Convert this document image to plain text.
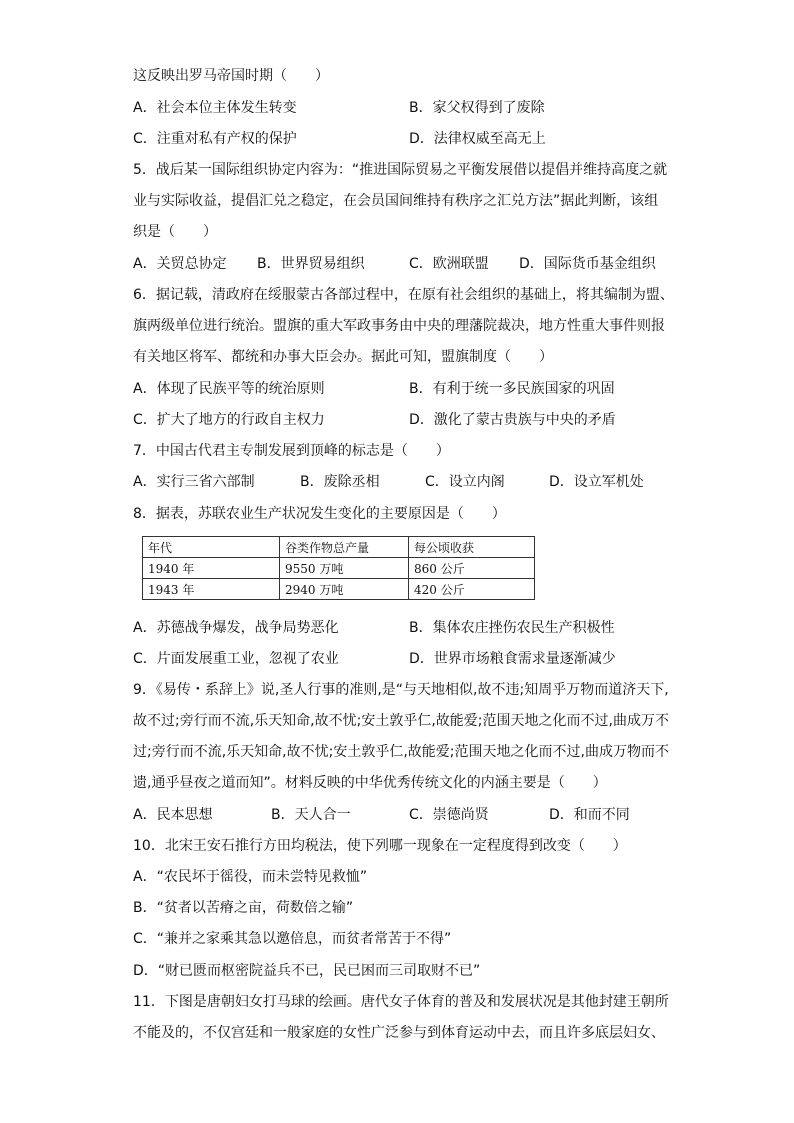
这反映出罗马帝国时期（　　）
A．社会本位主体发生转变	B．家父权得到了废除
C．注重对私有产权的保护	D．法律权威至高无上
5．战后某一国际组织协定内容为：“推进国际贸易之平衡发展借以提倡并维持高度之就
业与实际收益，提倡汇兑之稳定，在会员国间维持有秩序之汇兑方法”据此判断，该组
织是（　　）
A．关贸总协定 B．世界贸易组织	C．欧洲联盟 D．国际货币基金组织
6．据记载，清政府在绥服蒙古各部过程中，在原有社会组织的基础上，将其编制为盟、
旗两级单位进行统治。盟旗的重大军政事务由中央的理藩院裁决，地方性重大事件则报
有关地区将军、都统和办事大臣会办。据此可知，盟旗制度（　　）
A．体现了民族平等的统治原则	B．有利于统一多民族国家的巩固
C．扩大了地方的行政自主权力	D．激化了蒙古贵族与中央的矛盾
7．中国古代君主专制发展到顶峰的标志是（　　）
A．实行三省六部制	B．废除丞相	C．设立内阁	D．设立军机处
8．据表，苏联农业生产状况发生变化的主要原因是（　　）
年代	谷类作物总产量	每公顷收获
1940 年	9550 万吨	860 公斤
1943 年	2940 万吨	420 公斤
A．苏德战争爆发，战争局势恶化	B．集体农庄挫伤农民生产积极性
C．片面发展重工业，忽视了农业	D．世界市场粮食需求量逐渐减少
9．《易传・系辞上》说,圣人行事的准则,是“与天地相似,故不违;知周乎万物而道济天下,
故不过;旁行而不流,乐天知命,故不忧;安土敦乎仁,故能爱;范围天地之化而不过,曲成万不
过;旁行而不流,乐天知命,故不忧;安土敦乎仁,故能爱;范围天地之化而不过,曲成万物而不
遗,通乎昼夜之道而知”。材料反映的中华优秀传统文化的内涵主要是（　　）
A．民本思想	B．天人合一	C．崇德尚贤	D．和而不同
10．北宋王安石推行方田均税法，使下列哪一现象在一定程度得到改变（　　）
A．“农民坏于徭役，而未尝特见救恤”
B．“贫者以苦瘠之亩，荷数倍之输”
C．“兼并之家乘其急以邀倍息，而贫者常苦于不得”
D．“财已匮而枢密院益兵不已，民已困而三司取财不已”
11．下图是唐朝妇女打马球的绘画。唐代女子体育的普及和发展状况是其他封建王朝所
不能及的，不仅宫廷和一般家庭的女性广泛参与到体育运动中去，而且许多底层妇女、
